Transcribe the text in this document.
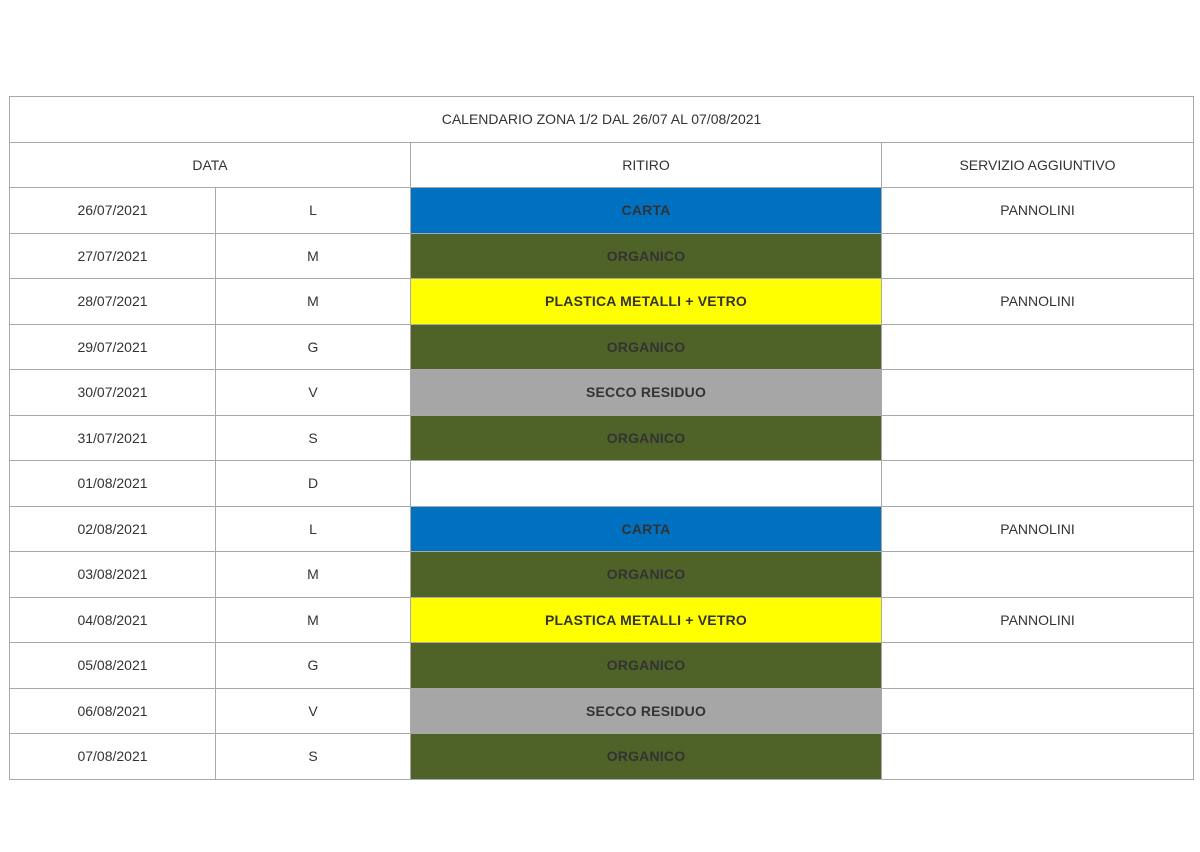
CALENDARIO ZONA 1/2 DAL 26/07 AL 07/08/2021			
DATA		RITIRO	SERVIZIO AGGIUNTIVO
26/07/2021	L	CARTA	PANNOLINI
27/07/2021	M	ORGANICO	
28/07/2021	M	PLASTICA METALLI + VETRO	PANNOLINI
29/07/2021	G	ORGANICO	
30/07/2021	V	SECCO RESIDUO	
31/07/2021	S	ORGANICO	
01/08/2021	D		
02/08/2021	L	CARTA	PANNOLINI
03/08/2021	M	ORGANICO	
04/08/2021	M	PLASTICA METALLI + VETRO	PANNOLINI
05/08/2021	G	ORGANICO	
06/08/2021	V	SECCO RESIDUO	
07/08/2021	S	ORGANICO	
